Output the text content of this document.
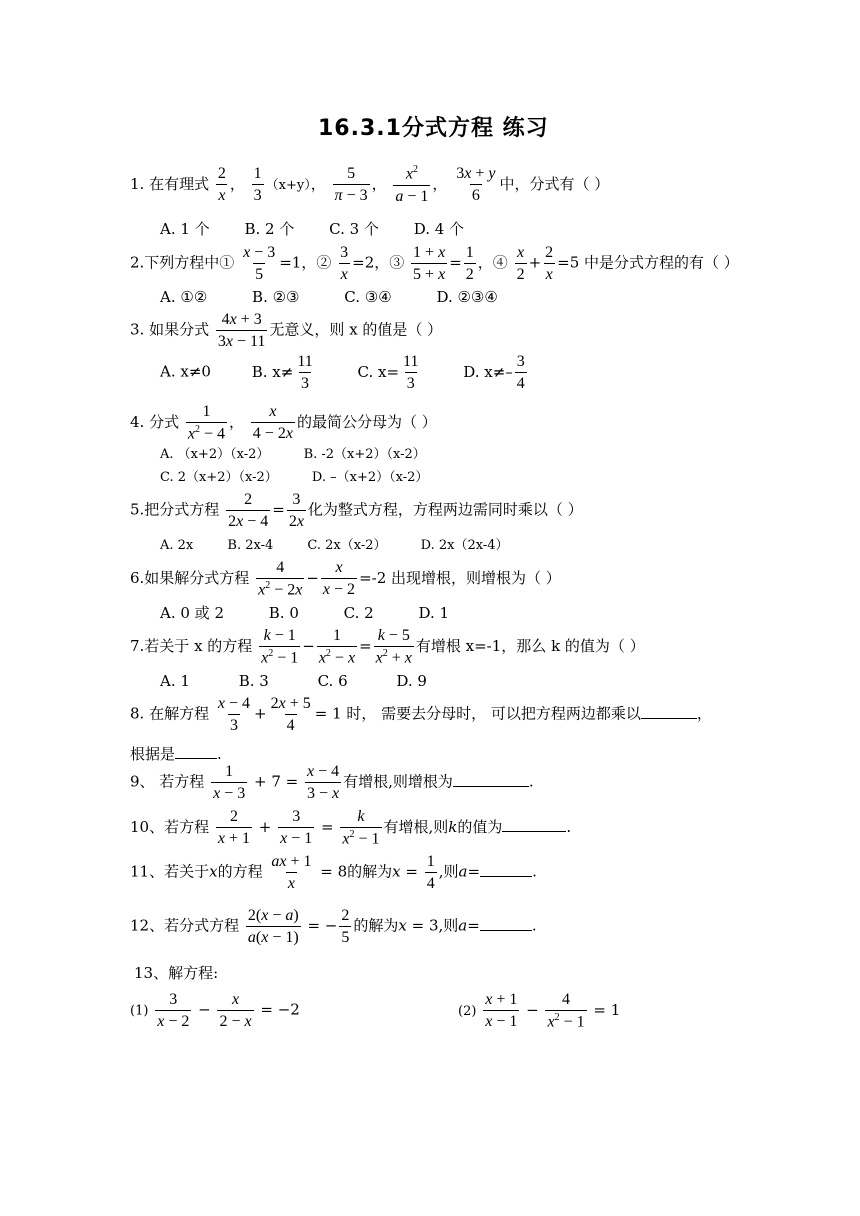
16.3.1分式方程 练习
1. 在有理式 $\frac{2}{x}$ ， $\frac{1}{3} (x+y)$， $\frac{5}{\pi - 3}$ ， $\frac{x^2}{a - 1}$ ， $\frac{3x + y}{6}$ 中，分式有（ ）
A. 1 个 B. 2 个 C. 3 个 D. 4 个
2.下列方程中① $\frac{x - 3}{5} =1$，② $\frac{3}{x} =2$，③ $\frac{1 + x}{5 + x} = \frac{1}{2}$ ，④ $\frac{x}{2} + \frac{2}{x} =5$ 中是分式方程的有（ ）
A. ①②	B. ②③	C. ③④	D. ②③④
3. 如果分式 $\frac{4x + 3}{3x - 11}$ 无意义，则 x 的值是（ ）
A. x≠0	B. $x\ne \frac{11}{3}$	C. $x= \frac{11}{3}$	D. $x\ne- \frac{3}{4}$
4. 分式 $\frac{1}{x^2 - 4}$ ， $\frac{x}{4 - 2x}$ 的最简公分母为（ ）
A. （x+2）（x-2）	B. -2（x+2）（x-2）
C. 2（x+2）（x-2）	D. –（x+2）（x-2）
5.把分式方程 $\frac{2}{2x - 4} = \frac{3}{2x}$ 化为整式方程，方程两边需同时乘以（ ）
A. 2x	B. 2x-4	C. 2x（x-2）	D. 2x（2x-4）
6.如果解分式方程 $\frac{4}{x^2 - 2x} - \frac{x}{x - 2} =-2$ 出现增根，则增根为（ ）
A. 0 或 2	B. 0	C. 2	D. 1
7.若关于 x 的方程 $\frac{k - 1}{x^2 - 1} - \frac{1}{x^2 - x} = \frac{k - 5}{x^2 + x}$ 有增根 x=-1，那么 k 的值为（ ）
A. 1	B. 3	C. 6	D. 9
8. 在解方程 $\frac{x - 4}{3} + \frac{2x + 5}{4} = 1$ 时， 需要去分母时， 可以把方程两边都乘以	，
根据是	.
9、 若方程 $\frac{1}{x - 3} + 7 = \frac{x - 4}{3 - x}$ 有增根,则增根为	.
10、若方程 $\frac{2}{x + 1} + \frac{3}{x - 1} = \frac{k}{x^2 - 1}$ 有增根,则k的值为	.
11、若关于x的方程 $\frac{ax + 1}{x} = 8$的解为$x = \frac{1}{4}$ ,则a=	.
12、若分式方程 $\frac{2(x - a)}{a(x - 1)}$ = − $\frac{2}{5}$ 的解为x = 3,则a=	.
13、解方程:
$(1) \frac{3}{x - 2} - \frac{x}{2 - x} = -2$	$(2) \frac{x + 1}{x - 1} - \frac{4}{x^2 - 1} = 1$
